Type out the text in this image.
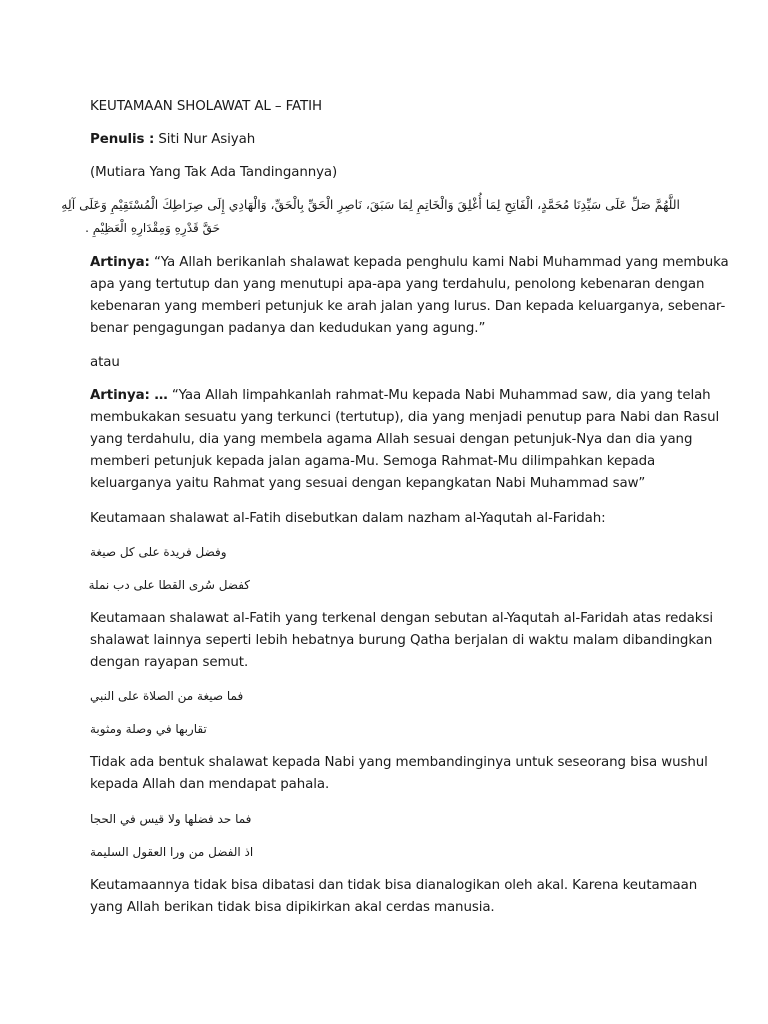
KEUTAMAAN SHOLAWAT AL – FATIH

Penulis : Siti Nur Asiyah

(Mutiara Yang Tak Ada Tandingannya)

اللَّهُمَّ صَلِّ عَلَى سَيِّدِنَا مُحَمَّدٍ، الْفَاتِحِ لِمَا أُغْلِقَ وَالْخَاتِمِ لِمَا سَبَقَ، نَاصِرِ الْحَقِّ بِالْحَقِّ، وَالْهَادِي إِلَى صِرَاطِكَ الْمُسْتَقِيْمِ وَعَلَى آلِهِ

حَقَّ قَدْرِهِ وَمِقْدَارِهِ الْعَظِيْمِ .

Artinya: “Ya Allah berikanlah shalawat kepada penghulu kami Nabi Muhammad yang membuka
apa yang tertutup dan yang menutupi apa-apa yang terdahulu, penolong kebenaran dengan
kebenaran yang memberi petunjuk ke arah jalan yang lurus. Dan kepada keluarganya, sebenar-
benar pengagungan padanya dan kedudukan yang agung.”

atau

Artinya: … “Yaa Allah limpahkanlah rahmat-Mu kepada Nabi Muhammad saw, dia yang telah
membukakan sesuatu yang terkunci (tertutup), dia yang menjadi penutup para Nabi dan Rasul
yang terdahulu, dia yang membela agama Allah sesuai dengan petunjuk-Nya dan dia yang
memberi petunjuk kepada jalan agama-Mu. Semoga Rahmat-Mu dilimpahkan kepada
keluarganya yaitu Rahmat yang sesuai dengan kepangkatan Nabi Muhammad saw”

Keutamaan shalawat al-Fatih disebutkan dalam nazham al-Yaqutah al-Faridah:

وفضل فريدة على كل صيغة

كفضل سُرى القطا على دب نملة

Keutamaan shalawat al-Fatih yang terkenal dengan sebutan al-Yaqutah al-Faridah atas redaksi
shalawat lainnya seperti lebih hebatnya burung Qatha berjalan di waktu malam dibandingkan
dengan rayapan semut.

فما صيغة من الصلاة على النبي

تقاربها في وصلة ومثوبة

Tidak ada bentuk shalawat kepada Nabi yang membandinginya untuk seseorang bisa wushul
kepada Allah dan mendapat pahala.

فما حد فضلها ولا قيس في الحجا

اذ الفضل من ورا العقول السليمة

Keutamaannya tidak bisa dibatasi dan tidak bisa dianalogikan oleh akal. Karena keutamaan
yang Allah berikan tidak bisa dipikirkan akal cerdas manusia.
